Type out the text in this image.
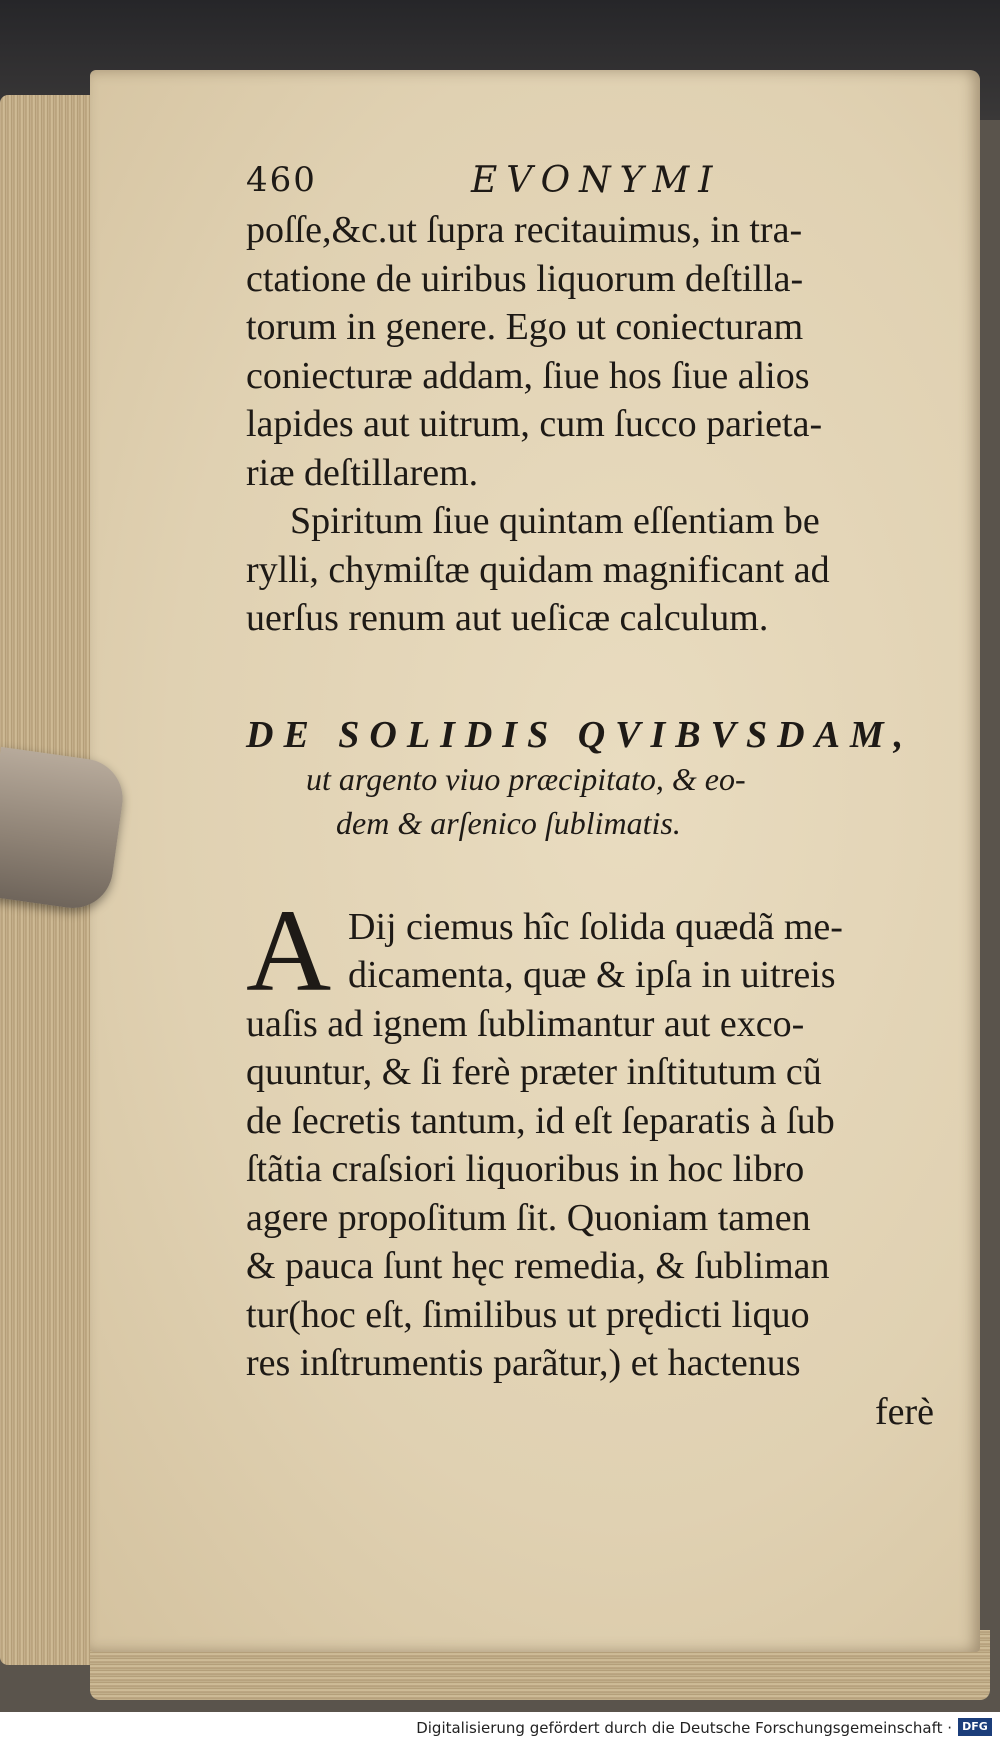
460	EVONYMI
poſſe,&c.ut ſupra recitauimus, in tra-
ctatione de uiribus liquorum deſtilla-
torum in genere. Ego ut coniecturam
coniecturæ addam, ſiue hos ſiue alios
lapides aut uitrum, cum ſucco parieta-
riæ deſtillarem.
Spiritum ſiue quintam eſſentiam be
rylli, chymiſtæ quidam magnificant ad
uerſus renum aut ueſicæ calculum.
DE SOLIDIS QVIBVSDAM,
ut argento viuo præcipitato, & eo-
dem & arſenico ſublimatis.
A Dij ciemus hîc ſolida quædã me-
dicamenta, quæ & ipſa in uitreis
uaſis ad ignem ſublimantur aut exco-
quuntur, & ſi ferè præter inſtitutum cũ
de ſecretis tantum, id eſt ſeparatis à ſub
ſtãtia craſsiori liquoribus in hoc libro
agere propoſitum ſit. Quoniam tamen
& pauca ſunt hęc remedia, & ſubliman
tur(hoc eſt, ſimilibus ut prędicti liquo
res inſtrumentis parãtur,) et hactenus
ferè
Digitalisierung gefördert durch die Deutsche Forschungsgemeinschaft · DFG
